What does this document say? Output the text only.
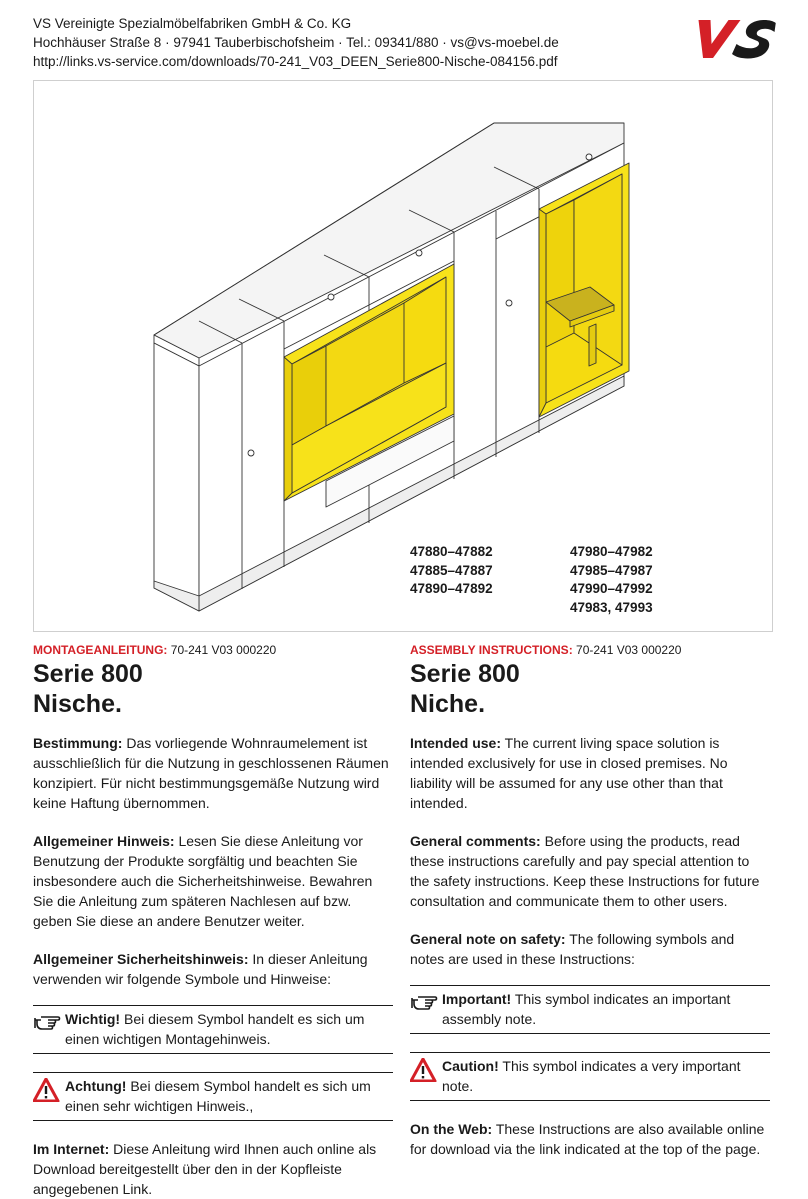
VS Vereinigte Spezialmöbelfabriken GmbH & Co. KG
Hochhäuser Straße 8 · 97941 Tauberbischofsheim · Tel.: 09341/880 · vs@vs-moebel.de
http://links.vs-service.com/downloads/70-241_V03_DEEN_Serie800-Nische-084156.pdf
47880–47882
47885–47887
47890–47892
47980–47982
47985–47987
47990–47992
47983, 47993
MONTAGEANLEITUNG: 70-241 V03 000220
Serie 800
Nische.
Bestimmung: Das vorliegende Wohnraumelement ist ausschließlich für die Nutzung in geschlossenen Räumen konzipiert. Für nicht bestimmungsgemäße Nutzung wird keine Haftung übernommen.
Allgemeiner Hinweis: Lesen Sie diese Anleitung vor Benutzung der Produkte sorgfältig und beachten Sie insbesondere auch die Sicherheitshinweise. Bewahren Sie die Anleitung zum späteren Nachlesen auf bzw. geben Sie diese an andere Benutzer weiter.
Allgemeiner Sicherheitshinweis: In dieser Anleitung verwenden wir folgende Symbole und Hinweise:
Wichtig! Bei diesem Symbol handelt es sich um einen wichtigen Montagehinweis.
Achtung! Bei diesem Symbol handelt es sich um einen sehr wichtigen Hinweis.,
Im Internet: Diese Anleitung wird Ihnen auch online als Download bereitgestellt über den in der Kopfleiste angegebenen Link.
ASSEMBLY INSTRUCTIONS: 70-241 V03 000220
Serie 800
Niche.
Intended use: The current living space solution is intended exclusively for use in closed premises. No liability will be assumed for any use other than that intended.
General comments: Before using the products, read these instructions carefully and pay special attention to the safety instructions. Keep these Instructions for future consultation and communicate them to other users.
General note on safety: The following symbols and notes are used in these Instructions:
Important! This symbol indicates an important assembly note.
Caution! This symbol indicates a very important note.
On the Web: These Instructions are also available online for download via the link indicated at the top of the page.
